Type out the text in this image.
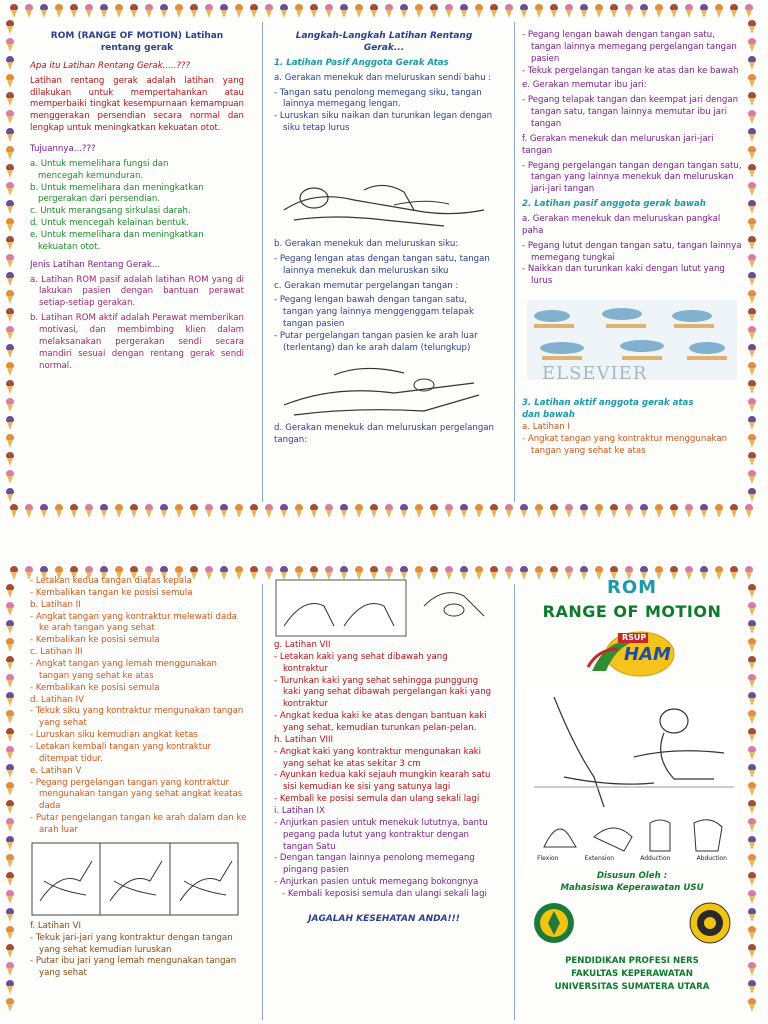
ROM (RANGE OF MOTION) Latihan
rentang gerak

Apa itu Latihan Rentang Gerak.....???

Latihan rentang gerak adalah latihan yang dilakukan untuk mempertahankan atau memperbaiki tingkat kesempurnaan kemampuan menggerakan persendian secara normal dan lengkap untuk meningkatkan kekuatan otot.

Tujuannya...???

a. Untuk memelihara fungsi dan
mencegah kemunduran.
b. Untuk memelihara dan meningkatkan
pergerakan dari persendian.
c. Untuk merangsang sirkulasi darah.
d. Untuk mencegah kelainan bentuk.
e. Untuk memelihara dan meningkatkan
kekuatan otot.

Jenis Latihan Rentang Gerak...

a. Latihan ROM pasif adalah latihan ROM yang di lakukan pasien dengan bantuan perawat setiap-setiap gerakan.

b. Latihan ROM aktif adalah Perawat memberikan motivasi, dan membimbing klien dalam melaksanakan pergerakan sendi secara mandiri sesuai dengan rentang gerak sendi normal.

Langkah-Langkah Latihan Rentang
Gerak...

1. Latihan Pasif Anggota Gerak Atas

a. Gerakan menekuk dan meluruskan sendi bahu :

- Tangan satu penolong memegang siku, tangan lainnya memegang lengan.
- Luruskan siku naikan dan turunkan legan dengan siku tetap lurus

b. Gerakan menekuk dan meluruskan siku:

- Pegang lengan atas dengan tangan satu, tangan lainnya menekuk dan meluruskan siku

c. Gerakan memutar pergelangan tangan :

- Pegang lengan bawah dengan tangan satu, tangan yang lainnya menggenggam telapak tangan pasien
- Putar pergelangan tangan pasien ke arah luar (terlentang) dan ke arah dalam (telungkup)

d. Gerakan menekuk dan meluruskan pergelangan tangan:

- Pegang lengan bawah dengan tangan satu, tangan lainnya memegang pergelangan tangan pasien
- Tekuk pergelangan tangan ke atas dan ke bawah

e. Gerakan memutar ibu jari:

- Pegang telapak tangan dan keempat jari dengan tangan satu, tangan lainnya memutar ibu jari tangan

f. Gerakan menekuk dan meluruskan jari-jari tangan

- Pegang pergelangan tangan dengan tangan satu, tangan yang lainnya menekuk dan meluruskan jari-jari tangan

2. Latihan pasif anggota gerak bawah

a. Gerakan menekuk dan meluruskan pangkal paha

- Pegang lutut dengan tangan satu, tangan lainnya memegang tungkai
- Naikkan dan turunkan kaki dengan lutut yang lurus
ELSEVIER
3. Latihan aktif anggota gerak atas
dan bawah
a. Latihan I
- Angkat tangan yang kontraktur menggunakan tangan yang sehat ke atas
- Letakan kedua tangan diatas kepala
- Kembalikan tangan ke posisi semula
b. Latihan II
- Angkat tangan yang kontraktur melewati dada ke arah tangan yang sehat
- Kembalikan ke posisi semula
c. Latihan III
- Angkat tangan yang lemah menggunakan tangan yang sehat ke atas
- Kembalikan ke posisi semula
d. Latihan IV
- Tekuk siku yang kontraktur mengunakan tangan yang sehat
- Luruskan siku kemudian angkat ketas
- Letakan kembali tangan yang kontraktur ditempat tidur.
e. Latihan V
- Pegang pergelangan tangan yang kontraktur mengunakan tangan yang sehat angkat keatas dada
- Putar pengelangan tangan ke arah dalam dan ke arah luar
f. Latihan VI
- Tekuk jari-jari yang kontraktur dengan tangan yang sehat kemudian luruskan
- Putar ibu jari yang lemah mengunakan tangan yang sehat
g. Latihan VII
- Letakan kaki yang sehat dibawah yang kontraktur
- Turunkan kaki yang sehat sehingga punggung kaki yang sehat dibawah pergelangan kaki yang kontraktur
- Angkat kedua kaki ke atas dengan bantuan kaki yang sehat, kemudian turunkan pelan-pelan.
h. Latihan VIII
- Angkat kaki yang kontraktur mengunakan kaki yang sehat ke atas sekitar 3 cm
- Ayunkan kedua kaki sejauh mungkin kearah satu sisi kemudian ke sisi yang satunya lagi
- Kembali ke posisi semula dan ulang sekali lagi
i. Latihan IX
- Anjurkan pasien untuk menekuk lututnya, bantu pegang pada lutut yang kontraktur dengan tangan Satu
- Dengan tangan lainnya penolong memegang pingang pasien
- Anjurkan pasien untuk memegang bokongnya
- Kembali keposisi semula dan ulangi sekali lagi
JAGALAH KESEHATAN ANDA!!!
ROM
RANGE OF MOTION
RSUP
HAM
Flexion	Extension	Adduction	Abduction
Disusun Oleh :
Mahasiswa Keperawatan USU
PENDIDIKAN PROFESI NERS
FAKULTAS KEPERAWATAN
UNIVERSITAS SUMATERA UTARA
